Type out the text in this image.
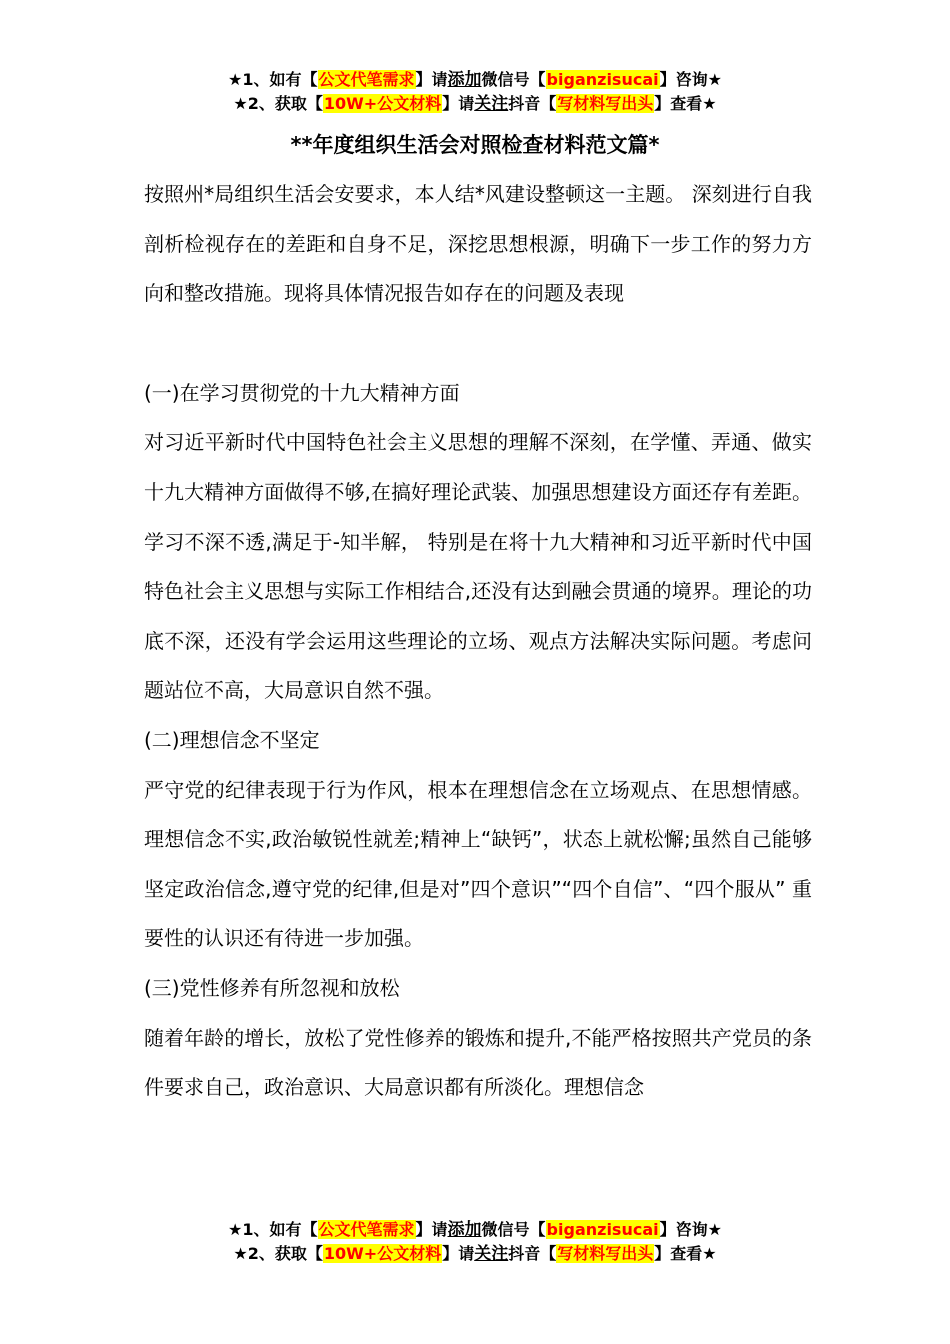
★1、如有【公文代笔需求】请添加微信号【biganzisucai】咨询★
★2、获取【10W+公文材料】请关注抖音【写材料写出头】查看★
**年度组织生活会对照检查材料范文篇*

按照州*局组织生活会安要求，本人结*风建设整顿这一主题。 深刻进行自我剖析检视存在的差距和自身不足，深挖思想根源，明确下一步工作的努力方向和整改措施。现将具体情况报告如存在的问题及表现

(一)在学习贯彻党的十九大精神方面

对习近平新时代中国特色社会主义思想的理解不深刻，在学懂、弄通、做实十九大精神方面做得不够,在搞好理论武装、加强思想建设方面还存有差距。学习不深不透,满足于-知半解， 特别是在将十九大精神和习近平新时代中国特色社会主义思想与实际工作相结合,还没有达到融会贯通的境界。理论的功底不深，还没有学会运用这些理论的立场、观点方法解决实际问题。考虑问题站位不高，大局意识自然不强。

(二)理想信念不坚定

严守党的纪律表现于行为作风，根本在理想信念在立场观点、在思想情感。理想信念不实,政治敏锐性就差;精神上“缺钙”，状态上就松懈;虽然自己能够坚定政治信念,遵守党的纪律,但是对”四个意识”“四个自信”、“四个服从” 重要性的认识还有待进一步加强。

(三)党性修养有所忽视和放松

随着年龄的增长，放松了党性修养的锻炼和提升,不能严格按照共产党员的条件要求自己，政治意识、大局意识都有所淡化。理想信念

★1、如有【公文代笔需求】请添加微信号【biganzisucai】咨询★
★2、获取【10W+公文材料】请关注抖音【写材料写出头】查看★
